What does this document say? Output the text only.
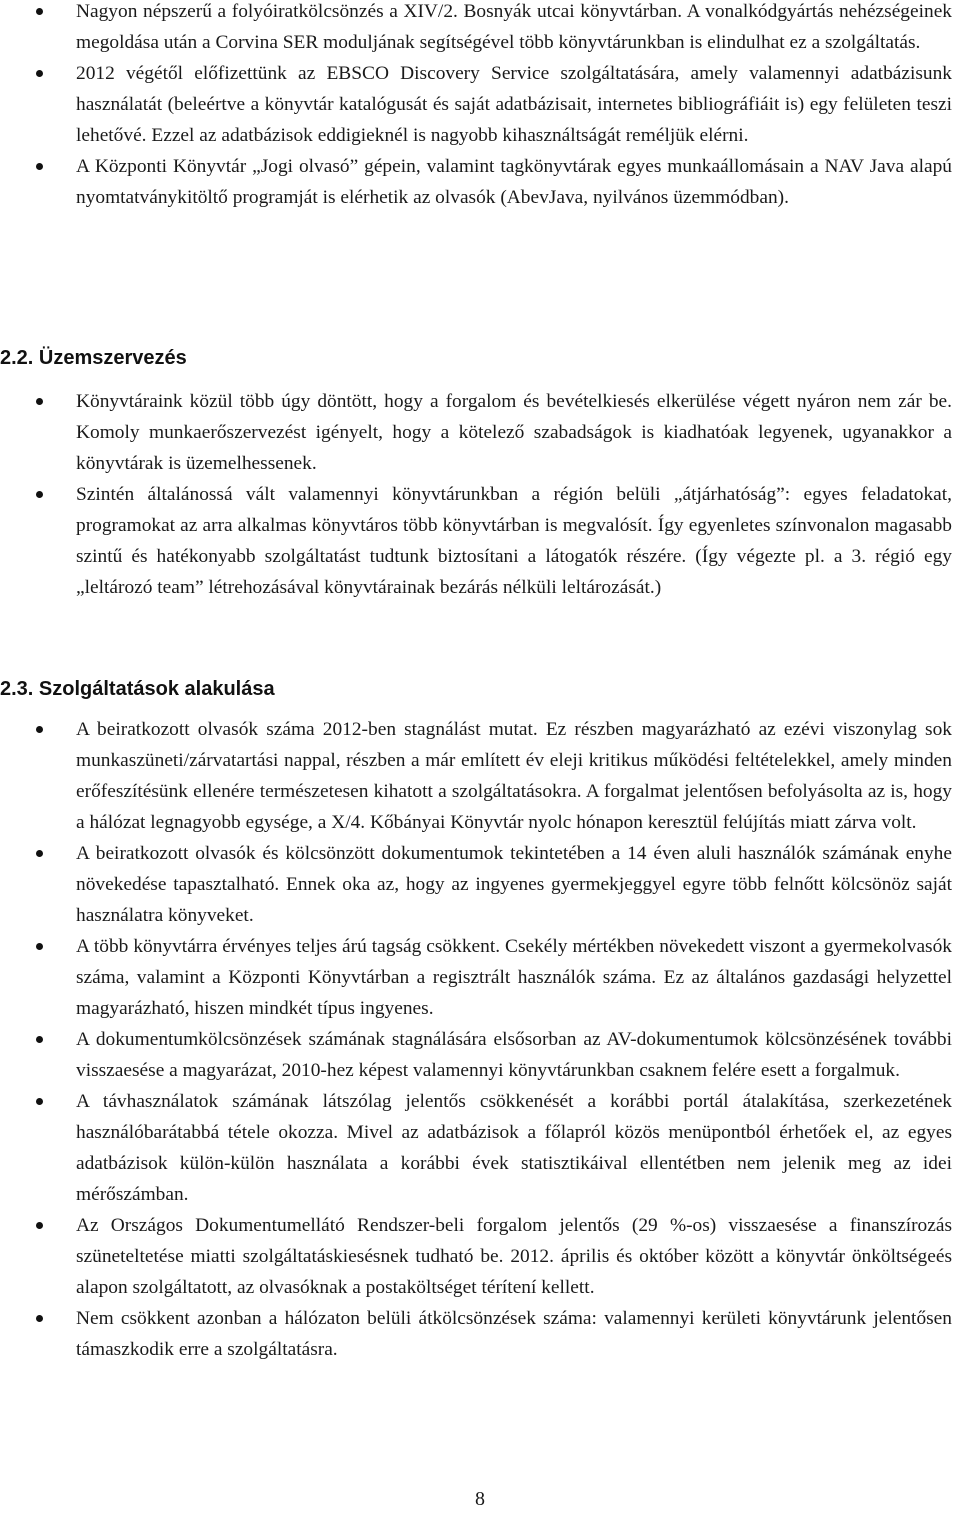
Nagyon népszerű a folyóiratkölcsönzés a XIV/2. Bosnyák utcai könyvtárban. A vonalkódgyártás nehézségeinek megoldása után a Corvina SER moduljának segítségével több könyvtárunkban is elindulhat ez a szolgáltatás.
2012 végétől előfizettünk az EBSCO Discovery Service szolgáltatására, amely valamennyi adatbázisunk használatát (beleértve a könyvtár katalógusát és saját adatbázisait, internetes bibliográfiáit is) egy felületen teszi lehetővé. Ezzel az adatbázisok eddigieknél is nagyobb kihasználtságát reméljük elérni.
A Központi Könyvtár „Jogi olvasó” gépein, valamint tagkönyvtárak egyes munkaállomásain a NAV Java alapú nyomtatványkitöltő programját is elérhetik az olvasók (AbevJava, nyilvános üzemmódban).
2.2. Üzemszervezés
Könyvtáraink közül több úgy döntött, hogy a forgalom és bevételkiesés elkerülése végett nyáron nem zár be. Komoly munkaerőszervezést igényelt, hogy a kötelező szabadságok is kiadhatóak legyenek, ugyanakkor a könyvtárak is üzemelhessenek.
Szintén általánossá vált valamennyi könyvtárunkban a régión belüli „átjárhatóság”: egyes feladatokat, programokat az arra alkalmas könyvtáros több könyvtárban is megvalósít. Így egyenletes színvonalon magasabb szintű és hatékonyabb szolgáltatást tudtunk biztosítani a látogatók részére. (Így végezte pl. a 3. régió egy „leltározó team” létrehozásával könyvtárainak bezárás nélküli leltározását.)
2.3. Szolgáltatások alakulása
A beiratkozott olvasók száma 2012-ben stagnálást mutat. Ez részben magyarázható az ezévi viszonylag sok munkaszüneti/zárvatartási nappal, részben a már említett év eleji kritikus működési feltételekkel, amely minden erőfeszítésünk ellenére természetesen kihatott a szolgáltatásokra. A forgalmat jelentősen befolyásolta az is, hogy a hálózat legnagyobb egysége, a X/4. Kőbányai Könyvtár nyolc hónapon keresztül felújítás miatt zárva volt.
A beiratkozott olvasók és kölcsönzött dokumentumok tekintetében a 14 éven aluli használók számának enyhe növekedése tapasztalható. Ennek oka az, hogy az ingyenes gyermekjeggyel egyre több felnőtt kölcsönöz saját használatra könyveket.
A több könyvtárra érvényes teljes árú tagság csökkent. Csekély mértékben növekedett viszont a gyermekolvasók száma, valamint a Központi Könyvtárban a regisztrált használók száma. Ez az általános gazdasági helyzettel magyarázható, hiszen mindkét típus ingyenes.
A dokumentumkölcsönzések számának stagnálására elsősorban az AV-dokumentumok kölcsönzésének további visszaesése a magyarázat, 2010-hez képest valamennyi könyvtárunkban csaknem felére esett a forgalmuk.
A távhasználatok számának látszólag jelentős csökkenését a korábbi portál átalakítása, szerkezetének használóbarátabbá tétele okozza. Mivel az adatbázisok a főlapról közös menüpontból érhetőek el, az egyes adatbázisok külön-külön használata a korábbi évek statisztikáival ellentétben nem jelenik meg az idei mérőszámban.
Az Országos Dokumentumellátó Rendszer-beli forgalom jelentős (29 %-os) visszaesése a finanszírozás szüneteltetése miatti szolgáltatáskiesésnek tudható be. 2012. április és október között a könyvtár önköltségeés alapon szolgáltatott, az olvasóknak a postaköltséget térítení kellett.
Nem csökkent azonban a hálózaton belüli átkölcsönzések száma: valamennyi kerületi könyvtárunk jelentősen támaszkodik erre a szolgáltatásra.
8
